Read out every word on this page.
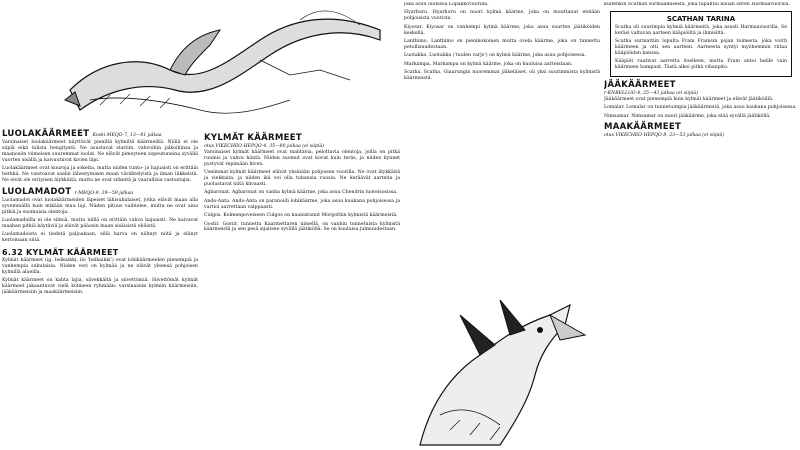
LUOLAKÄÄRMEET Koski-MEQO-7, 13—81 jalkaa

Varsinaiset luolakäärmeet näyttävät pieniltä kylmiltä käärmeiltä. Niillä ei ole siipiä eikä tulista hengitystä. Ne asustavat stattiin, vahvoihin jalkoihinsa ja maanosiin viimeisen suuremmat luolat. Ne elävät pimeyteen sopeutuneina syvällä vuorten sisällä ja kaivautuvat kivien läpi.

Luolakäärmeet ovat kuuroja ja sokeita, mutta niiden tunto- ja hajuaisti on erittäin herkkä. Ne vaistoavat saalin lähestymisen maan värähtelyistä ja ilman liikkeistä. Ne eivät ole erityisen älykkäitä, mutta ne ovat sitkeitä ja vaarallisia vastustajia.

LUOLAMADOT r-MEQO-9, 39—59 jalkaa

Luolamadot ovat luolakäärmeiden läpeiset lähisukulaiset, jotka elävät maan alla syvemmällä kuin mikään muu laji. Niiden pituus vaihtelee, mutta ne ovat aina pitkiä ja suomuisia olentoja.

Luolamadoilla ei ole silmiä, mutta niillä on erittäin vahva hajuaisti. Ne kaivavat maahan pitkiä käytäviä ja elävät pääosin maan sisäisistä eliöistä.

Luolamadoista ei tiedetä paljoakaan, sillä harva on nähnyt niitä ja elänyt kertomaan siitä.

6.32 KYLMÄT KÄÄRMEET

Kylmät käärmeet (ig. helkaikki, ilo 'helkaikki') ovat lohikäärmeiden pienempiä ja vanhempia sukulaisia. Niiden veri on kylmää ja ne elävät yleensä pohjoisen kylmillä alueilla.

Kylmät käärmeet on kahta lajia, siivekkäitä ja siivettömiä. Siivettömät kylmät käärmeet jakaantuvat vielä kolmeen ryhmään: varsinaisiin kylmiin käärmeisiin, jääkäärmeisiin ja maakäärmeisiin.

KYLMÄT KÄÄRMEET
otus VIKECHEO-HEPQO-4, 35—80 jalkaa (ei siipiä)

Varsinaiset kylmät käärmeet ovat mahtavia, pelottavia olentoja, joilla on pitkä ruumis ja vahva häntä. Niiden suomut ovat kovat kuin teräs, ja niiden kynnet pystyvät repimään kiven.

Useimmat kylmät käärmeet elävät yksinään pohjoisen vuorilla. Ne ovat älykkäitä ja viekkaita, ja niiden ikä voi olla tuhansia vuosia. Ne keräävät aarteita ja puolustavat niitä kiivaasti.

Agbaronat. Agbaronat on vanha kylmä käärme, joka asuu Chendrin luoteisosissa.

Ando-Anta. Ando-Anta on paranoidi lohikäärme, joka asuu kaukana pohjoisessa ja vartioi aarrettaan valppaasti.

Culgos. Kolmenpoveiseen Culgos on kaunistunut Morgothin kylmistä käärmeistä.

Gostir. Gostir, tunnettu Kaarmettaren nimellä, on vanhin tunnetuista kylmistä käärmeistä ja sen pesä sijaitsee syvällä jäätiköllä. Se on kuuluisa julmuudestaan.

joka asuu luolassa Lopakkovuorilla.

Hyarhuru. Hyarhuru on nuori kylmä käärme, joka on muuttanut etelään pohjoisista vuorista.

Kiyosar. Kiyosar on vanhempi kylmä käärme, joka asuu suurten jäätiköiden keskellä.

Lanthimo. Lanthimo on pienikokoinen mutta ovela käärme, joka on tunnettu petollisuudestaan.

Luotakka. Luotakka ('tuulen varjo') on kylmä käärme, joka asuu pohjoisessa.

Markampa. Markampa on kylmä käärme, joka on kuuluisa aarteistaan.

Scatha. Scatha, Glaurungin nuoremmat jälkeläiset, oli yksi suurimmista kylmistä käärmeistä.

kuitenkin Scathan surmaamisesta, joka tapahtui kauan sitten Harmaavuorilla.

SCATHAN TARINA

Scatha oli suurimpia kylmiä käärmeitä, joka asusti Harmaavuorilla. Se keräsi valtavan aarteen kääpiöiltä ja ihmisiltä.

Scatha surmattiin lopulta Fram Framsin pojan toimesta, joka voitti käärmeen ja otti sen aarteen. Aarteesta syntyi myöhemmin riitaa kääpiöiden kanssa.

Kääpiöt vaativat aarretta itselleen, mutta Fram antoi heille vain käärmeen hampaat. Tästä alkoi pitkä vihanpito.

JÄÄKÄÄRMEET
r-KNRELLGO-4, 25—43 jalkaa (ei siipiä)

Jääkäärmeet ovat pienempiä kuin kylmät käärmeet ja elävät jäätiköillä.

Lomalar. Lomalar on tunnetuimpia jääkäärmeitä, joka asuu kaukana pohjoisessa.

Nimsamar. Nimsamar on nuori jääkäärme, joka elää syvällä jäätiköllä.

MAAKÄÄRMEET
otus VIKECHEO-HEPQO-8, 23—53 jalkaa (ei siipiä)
